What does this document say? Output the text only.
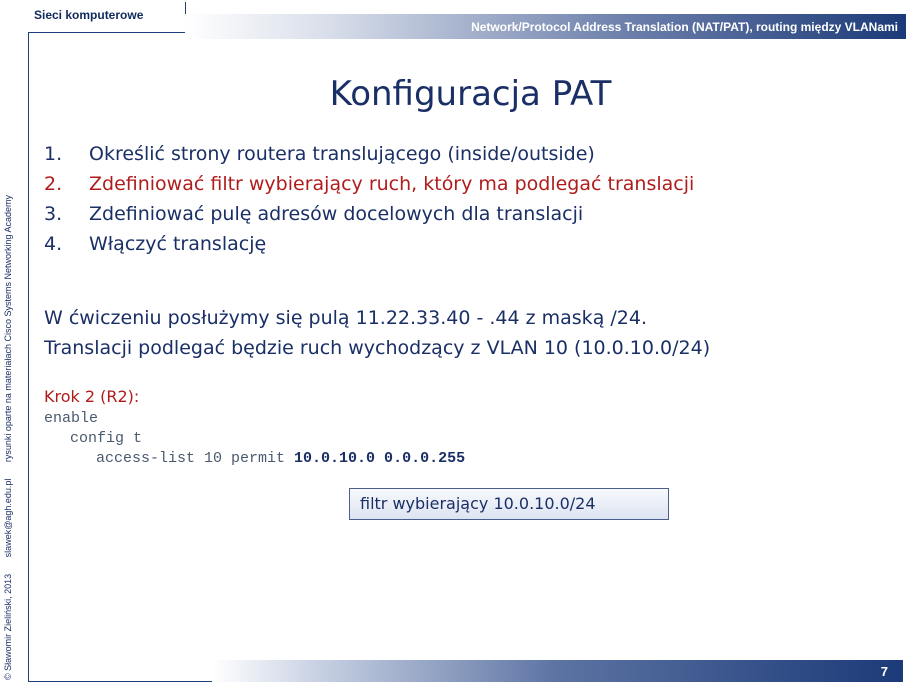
Sieci komputerowe
Network/Protocol Address Translation (NAT/PAT), routing między VLANami
© Sławomir Zieliński, 2013 slawek@agh.edu.pl rysunki oparte na materiałach Cisco Systems Networking Academy
Konfiguracja PAT
1. Określić strony routera translującego (inside/outside)
2. Zdefiniować filtr wybierający ruch, który ma podlegać translacji
3. Zdefiniować pulę adresów docelowych dla translacji
4. Włączyć translację
W ćwiczeniu posłużymy się pulą 11.22.33.40 - .44 z maską /24.
Translacji podlegać będzie ruch wychodzący z VLAN 10 (10.0.10.0/24)
Krok 2 (R2):
enable
config t
access-list 10 permit 10.0.10.0 0.0.0.255
filtr wybierający 10.0.10.0/24
7
